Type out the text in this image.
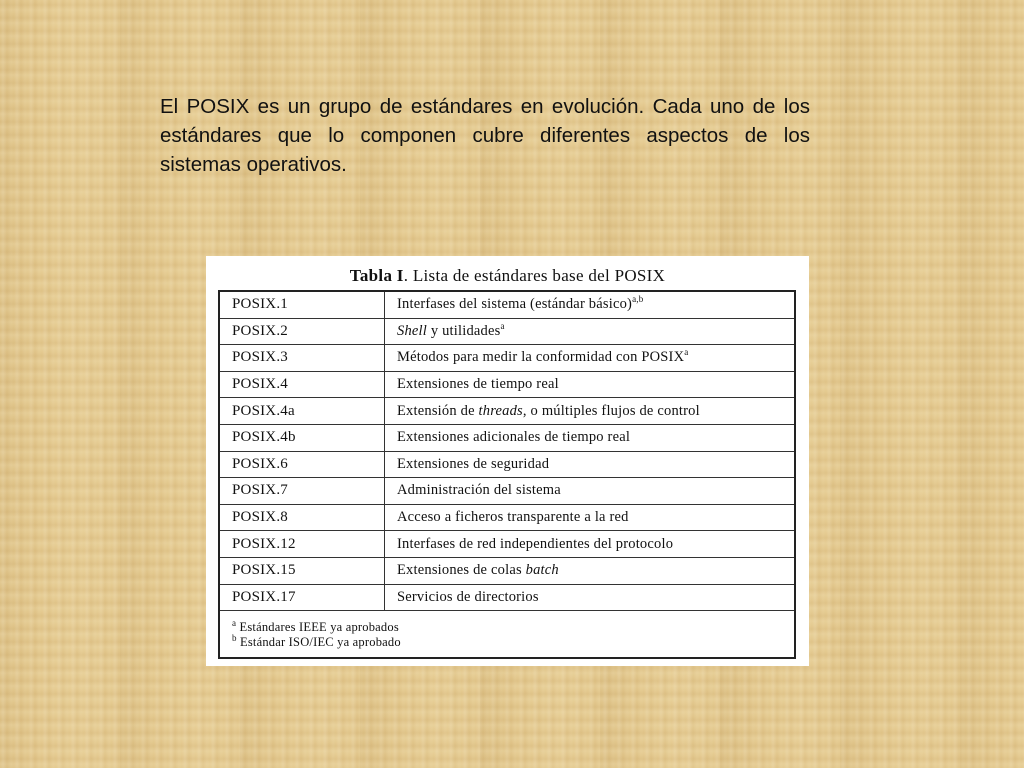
El POSIX es un grupo de estándares en evolución. Cada uno de los estándares que lo componen cubre diferentes aspectos de los sistemas operativos.

Tabla I. Lista de estándares base del POSIX
POSIX.1	Interfases del sistema (estándar básico)$^{a,b}$
POSIX.2	Shell y utilidades$^a$
POSIX.3	Métodos para medir la conformidad con POSIX$^a$
POSIX.4	Extensiones de tiempo real
POSIX.4a	Extensión de threads, o múltiples flujos de control
POSIX.4b	Extensiones adicionales de tiempo real
POSIX.6	Extensiones de seguridad
POSIX.7	Administración del sistema
POSIX.8	Acceso a ficheros transparente a la red
POSIX.12	Interfases de red independientes del protocolo
POSIX.15	Extensiones de colas batch
POSIX.17	Servicios de directorios

$^a$ Estándares IEEE ya aprobados
$^b$ Estándar ISO/IEC ya aprobado	
